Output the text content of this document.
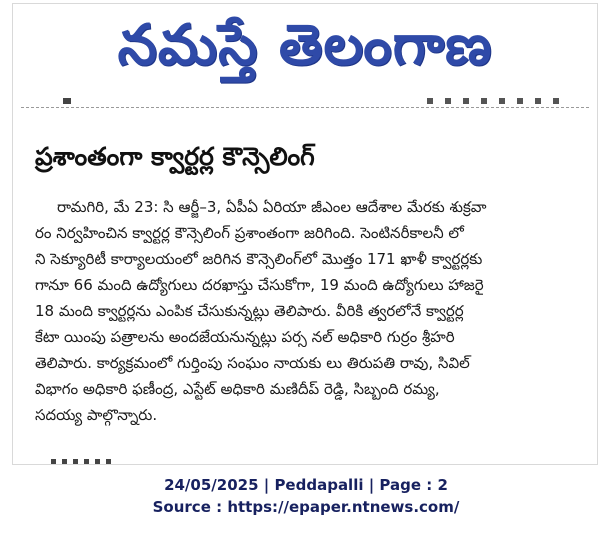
నమస్తే తెలంగాణ
ప్రశాంతంగా క్వార్టర్ల కౌన్సెలింగ్
రామగిరి, మే 23: సి ఆర్జీ–3, ఏపీఏ ఏరియా జీఎంల ఆదేశాల మేరకు శుక్రవా
రం నిర్వహించిన క్వార్టర్ల కౌన్సెలింగ్ ప్రశాంతంగా జరిగింది. సెంటినరీకాలనీ లో
ని సెక్యూరిటీ కార్యాలయంలో జరిగిన కౌన్సెలింగ్‌లో మొత్తం 171 ఖాళీ క్వార్టర్లకు
గానూ 66 మంది ఉద్యోగులు దరఖాస్తు చేసుకోగా, 19 మంది ఉద్యోగులు హాజరై
18 మంది క్వార్టర్లను ఎంపిక చేసుకున్నట్లు తెలిపారు. వీరికి త్వరలోనే క్వార్టర్ల
కేటా యింపు పత్రాలను అందజేయనున్నట్లు పర్స నల్ అధికారి గుర్రం శ్రీహరి
తెలిపారు. కార్యక్రమంలో గుర్తింపు సంఘం నాయకు లు తిరుపతి రావు, సివిల్
విభాగం అధికారి ఫణీంద్ర, ఎస్టేట్ అధికారి మణిదీప్ రెడ్డి, సిబ్బంది రమ్య,
సదయ్య పాల్గొన్నారు.
24/05/2025 | Peddapalli | Page : 2
Source : https://epaper.ntnews.com/
